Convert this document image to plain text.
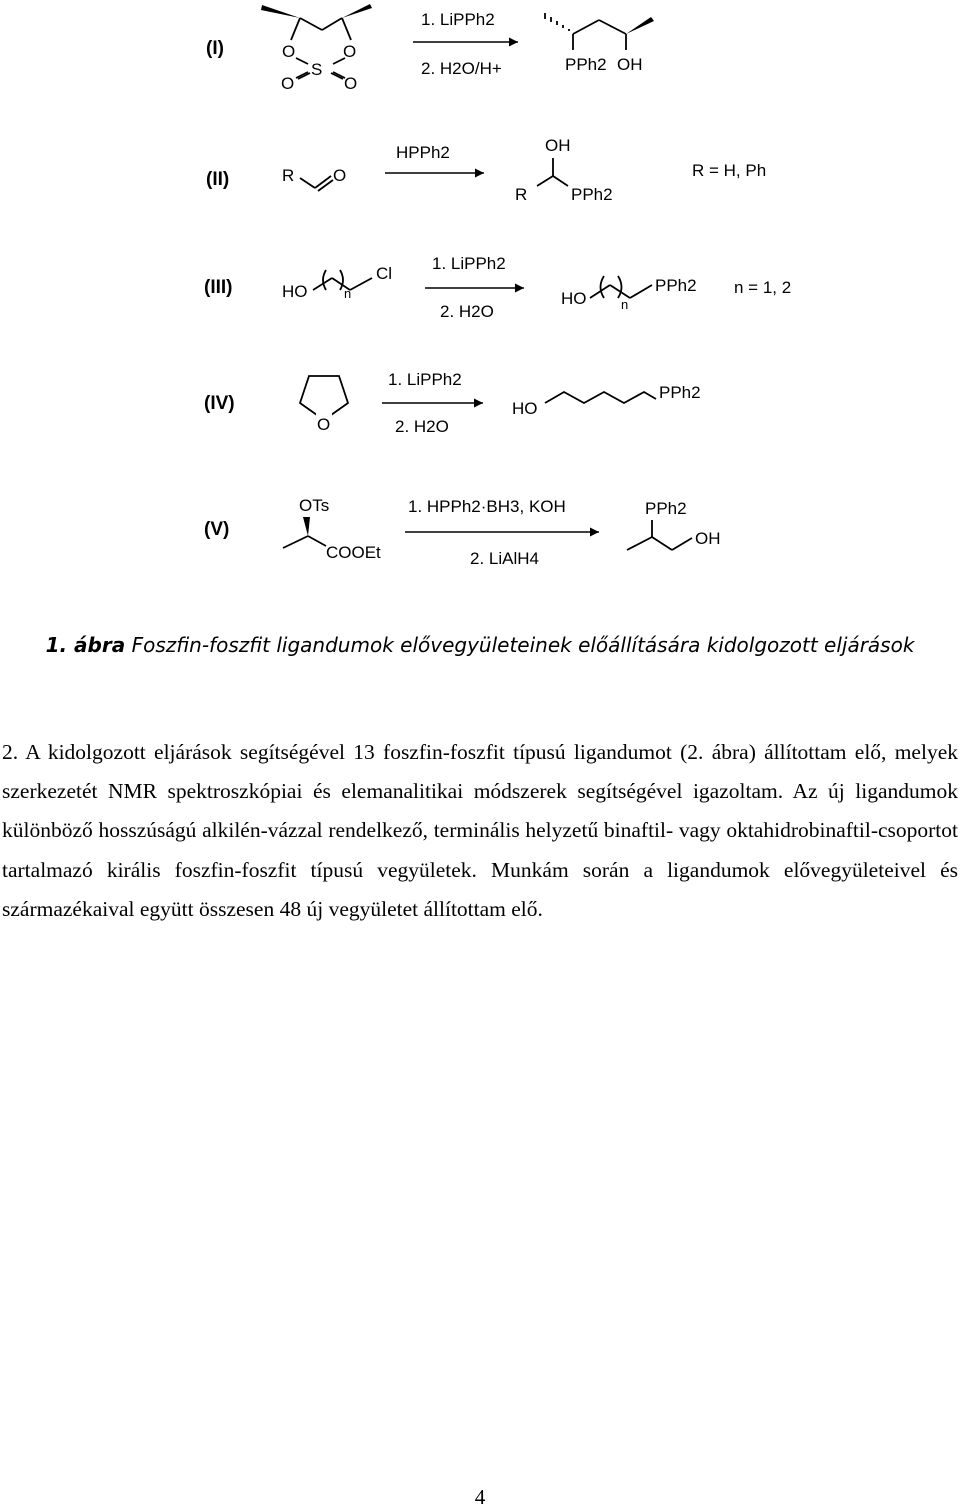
(I)	O	O
O
S
O
1. LiPPh2
2. H2O/H+	PPh2 OH
(II)	R O
HPPh2	OH
R	PPh2
R = H, Ph
(III)	HO	n
Cl
1. LiPPh2
2. H2O
HO	n
PPh2 n = 1, 2
(IV)
O
1. LiPPh2
2. H2O
HO
PPh2
(V)
OTs
COOEt
1. HPPh2·BH3, KOH
2. LiAlH4
PPh2
OH
1. ábra Foszfin-foszfit ligandumok elővegyületeinek előállítására kidolgozott eljárások
2. A kidolgozott eljárások segítségével 13 foszfin-foszfit típusú ligandumot (2. ábra) állítottam elő, melyek szerkezetét NMR spektroszkópiai és elemanalitikai módszerek segítségével igazoltam. Az új ligandumok különböző hosszúságú alkilén-vázzal rendelkező, terminális helyzetű binaftil- vagy oktahidrobinaftil-csoportot tartalmazó királis foszfin-foszfit típusú vegyületek. Munkám során a ligandumok elővegyületeivel és származékaival együtt összesen 48 új vegyületet állítottam elő.
4
